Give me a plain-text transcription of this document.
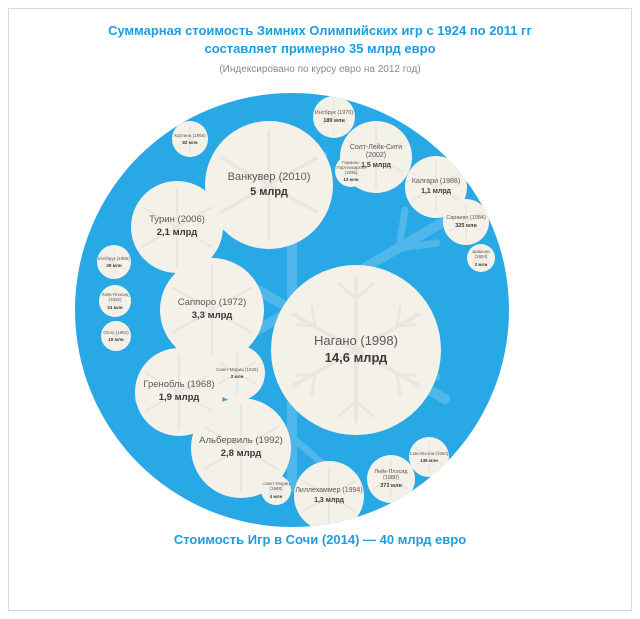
Суммарная стоимость Зимних Олимпийских игр с 1924 по 2011 гг
составляет примерно 35 млрд евро
(Индексировано по курсу евро на 2012 год)
Нагано (1998)
14,6 млрд
Ванкувер (2010)
5 млрд
Саппоро (1972)
3,3 млрд
Альбервиль (1992)
2,8 млрд
Турин (2006)
2,1 млрд
Гренобль (1968)
1,9 млрд
Солт-Лейк-Сити (2002)
1,5 млрд
Лиллехаммер (1994)
1,3 млрд
Калгари (1988)
1,1 млрд
Лейк-Плэсид (1980)
373 млн
Сараево (1984)
325 млн
Инсбрук (1976)
189 млн
Скво-Вэлли (1960)
145 млн
Кортина (1956)
82 млн
Инсбрук (1956)
39 млн
Лейк-Плэсид (1932)
24 млн
Осло (1952)
19 млн
Гармиш-Партенкирхен (1936)
13 млн
Шамони (1924)
3 млн
Санкт-Мориц (1928)
3 млн
Санкт-Мориц (1948)
4 млн
Стоимость Игр в Сочи (2014) — 40 млрд евро
